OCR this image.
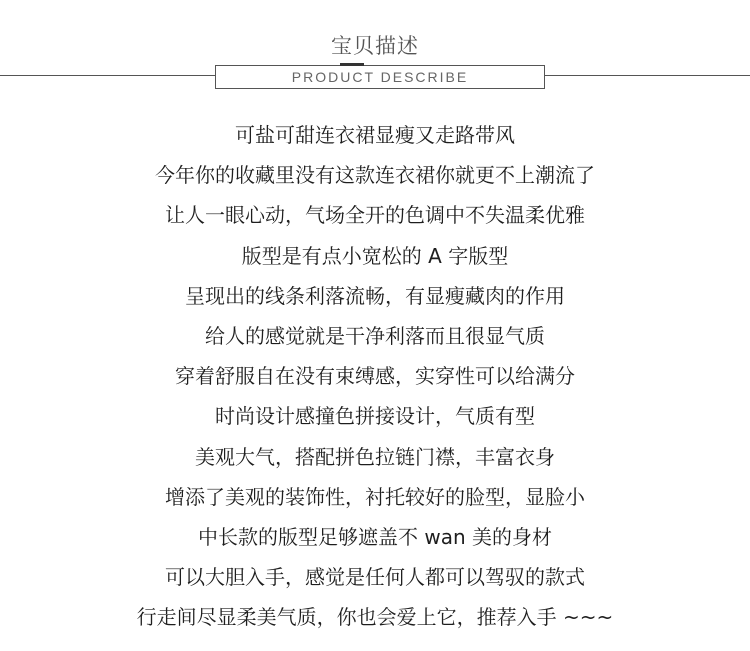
宝贝描述
PRODUCT DESCRIBE
可盐可甜连衣裙显瘦又走路带风
今年你的收藏里没有这款连衣裙你就更不上潮流了
让人一眼心动，气场全开的色调中不失温柔优雅
版型是有点小宽松的 A 字版型
呈现出的线条利落流畅，有显瘦藏肉的作用
给人的感觉就是干净利落而且很显气质
穿着舒服自在没有束缚感，实穿性可以给满分
时尚设计感撞色拼接设计，气质有型
美观大气，搭配拼色拉链门襟，丰富衣身
增添了美观的装饰性，衬托较好的脸型，显脸小
中长款的版型足够遮盖不 wan 美的身材
可以大胆入手，感觉是任何人都可以驾驭的款式
行走间尽显柔美气质，你也会爱上它，推荐入手 ~~~
